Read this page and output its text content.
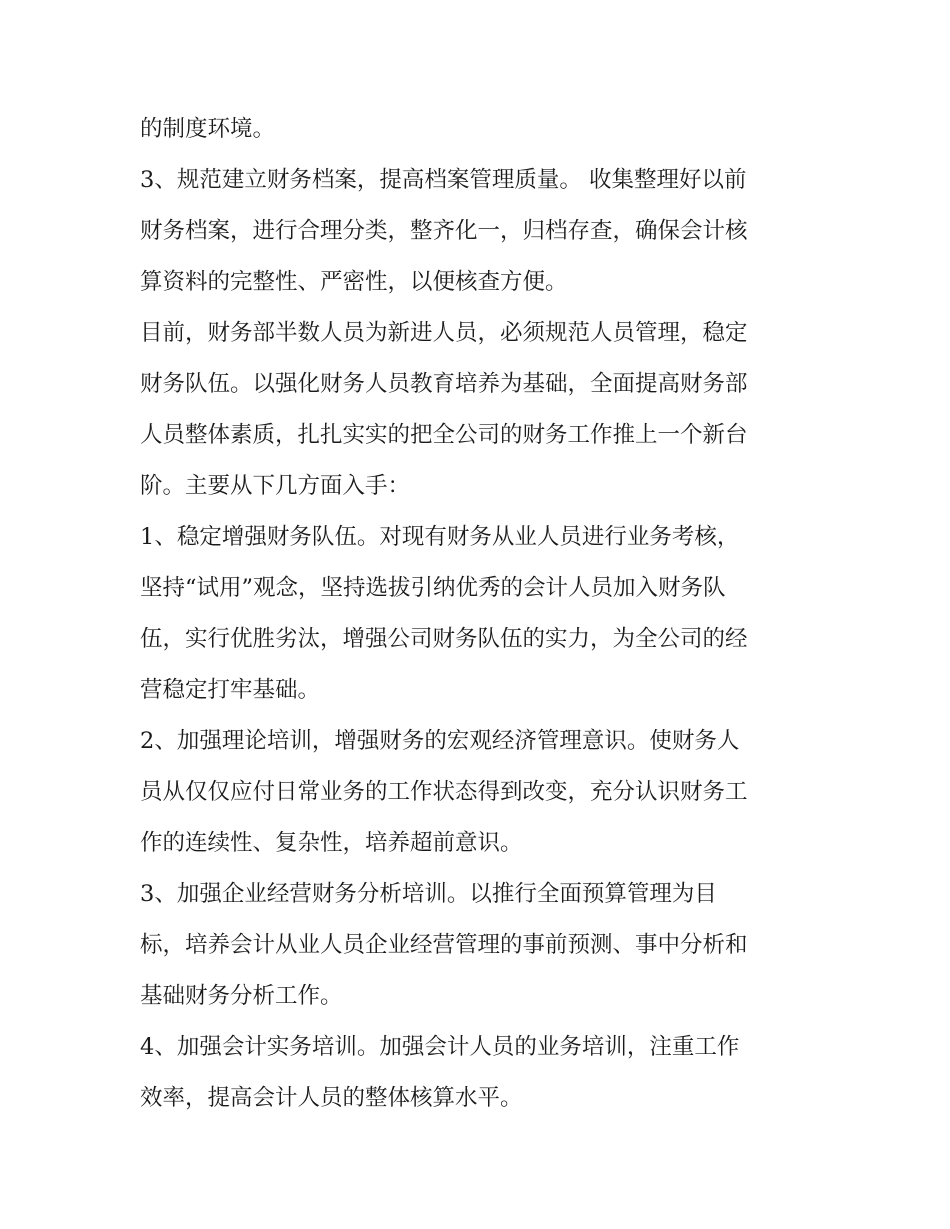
的制度环境。

3、规范建立财务档案，提高档案管理质量。 收集整理好以前
财务档案，进行合理分类，整齐化一，归档存查，确保会计核
算资料的完整性、严密性，以便核查方便。

目前，财务部半数人员为新进人员，必须规范人员管理，稳定
财务队伍。以强化财务人员教育培养为基础，全面提高财务部
人员整体素质，扎扎实实的把全公司的财务工作推上一个新台
阶。主要从下几方面入手：

1、稳定增强财务队伍。对现有财务从业人员进行业务考核，
坚持“试用”观念，坚持选拔引纳优秀的会计人员加入财务队
伍，实行优胜劣汰，增强公司财务队伍的实力，为全公司的经
营稳定打牢基础。

2、加强理论培训，增强财务的宏观经济管理意识。使财务人
员从仅仅应付日常业务的工作状态得到改变，充分认识财务工
作的连续性、复杂性，培养超前意识。

3、加强企业经营财务分析培训。以推行全面预算管理为目
标，培养会计从业人员企业经营管理的事前预测、事中分析和
基础财务分析工作。

4、加强会计实务培训。加强会计人员的业务培训，注重工作
效率，提高会计人员的整体核算水平。
